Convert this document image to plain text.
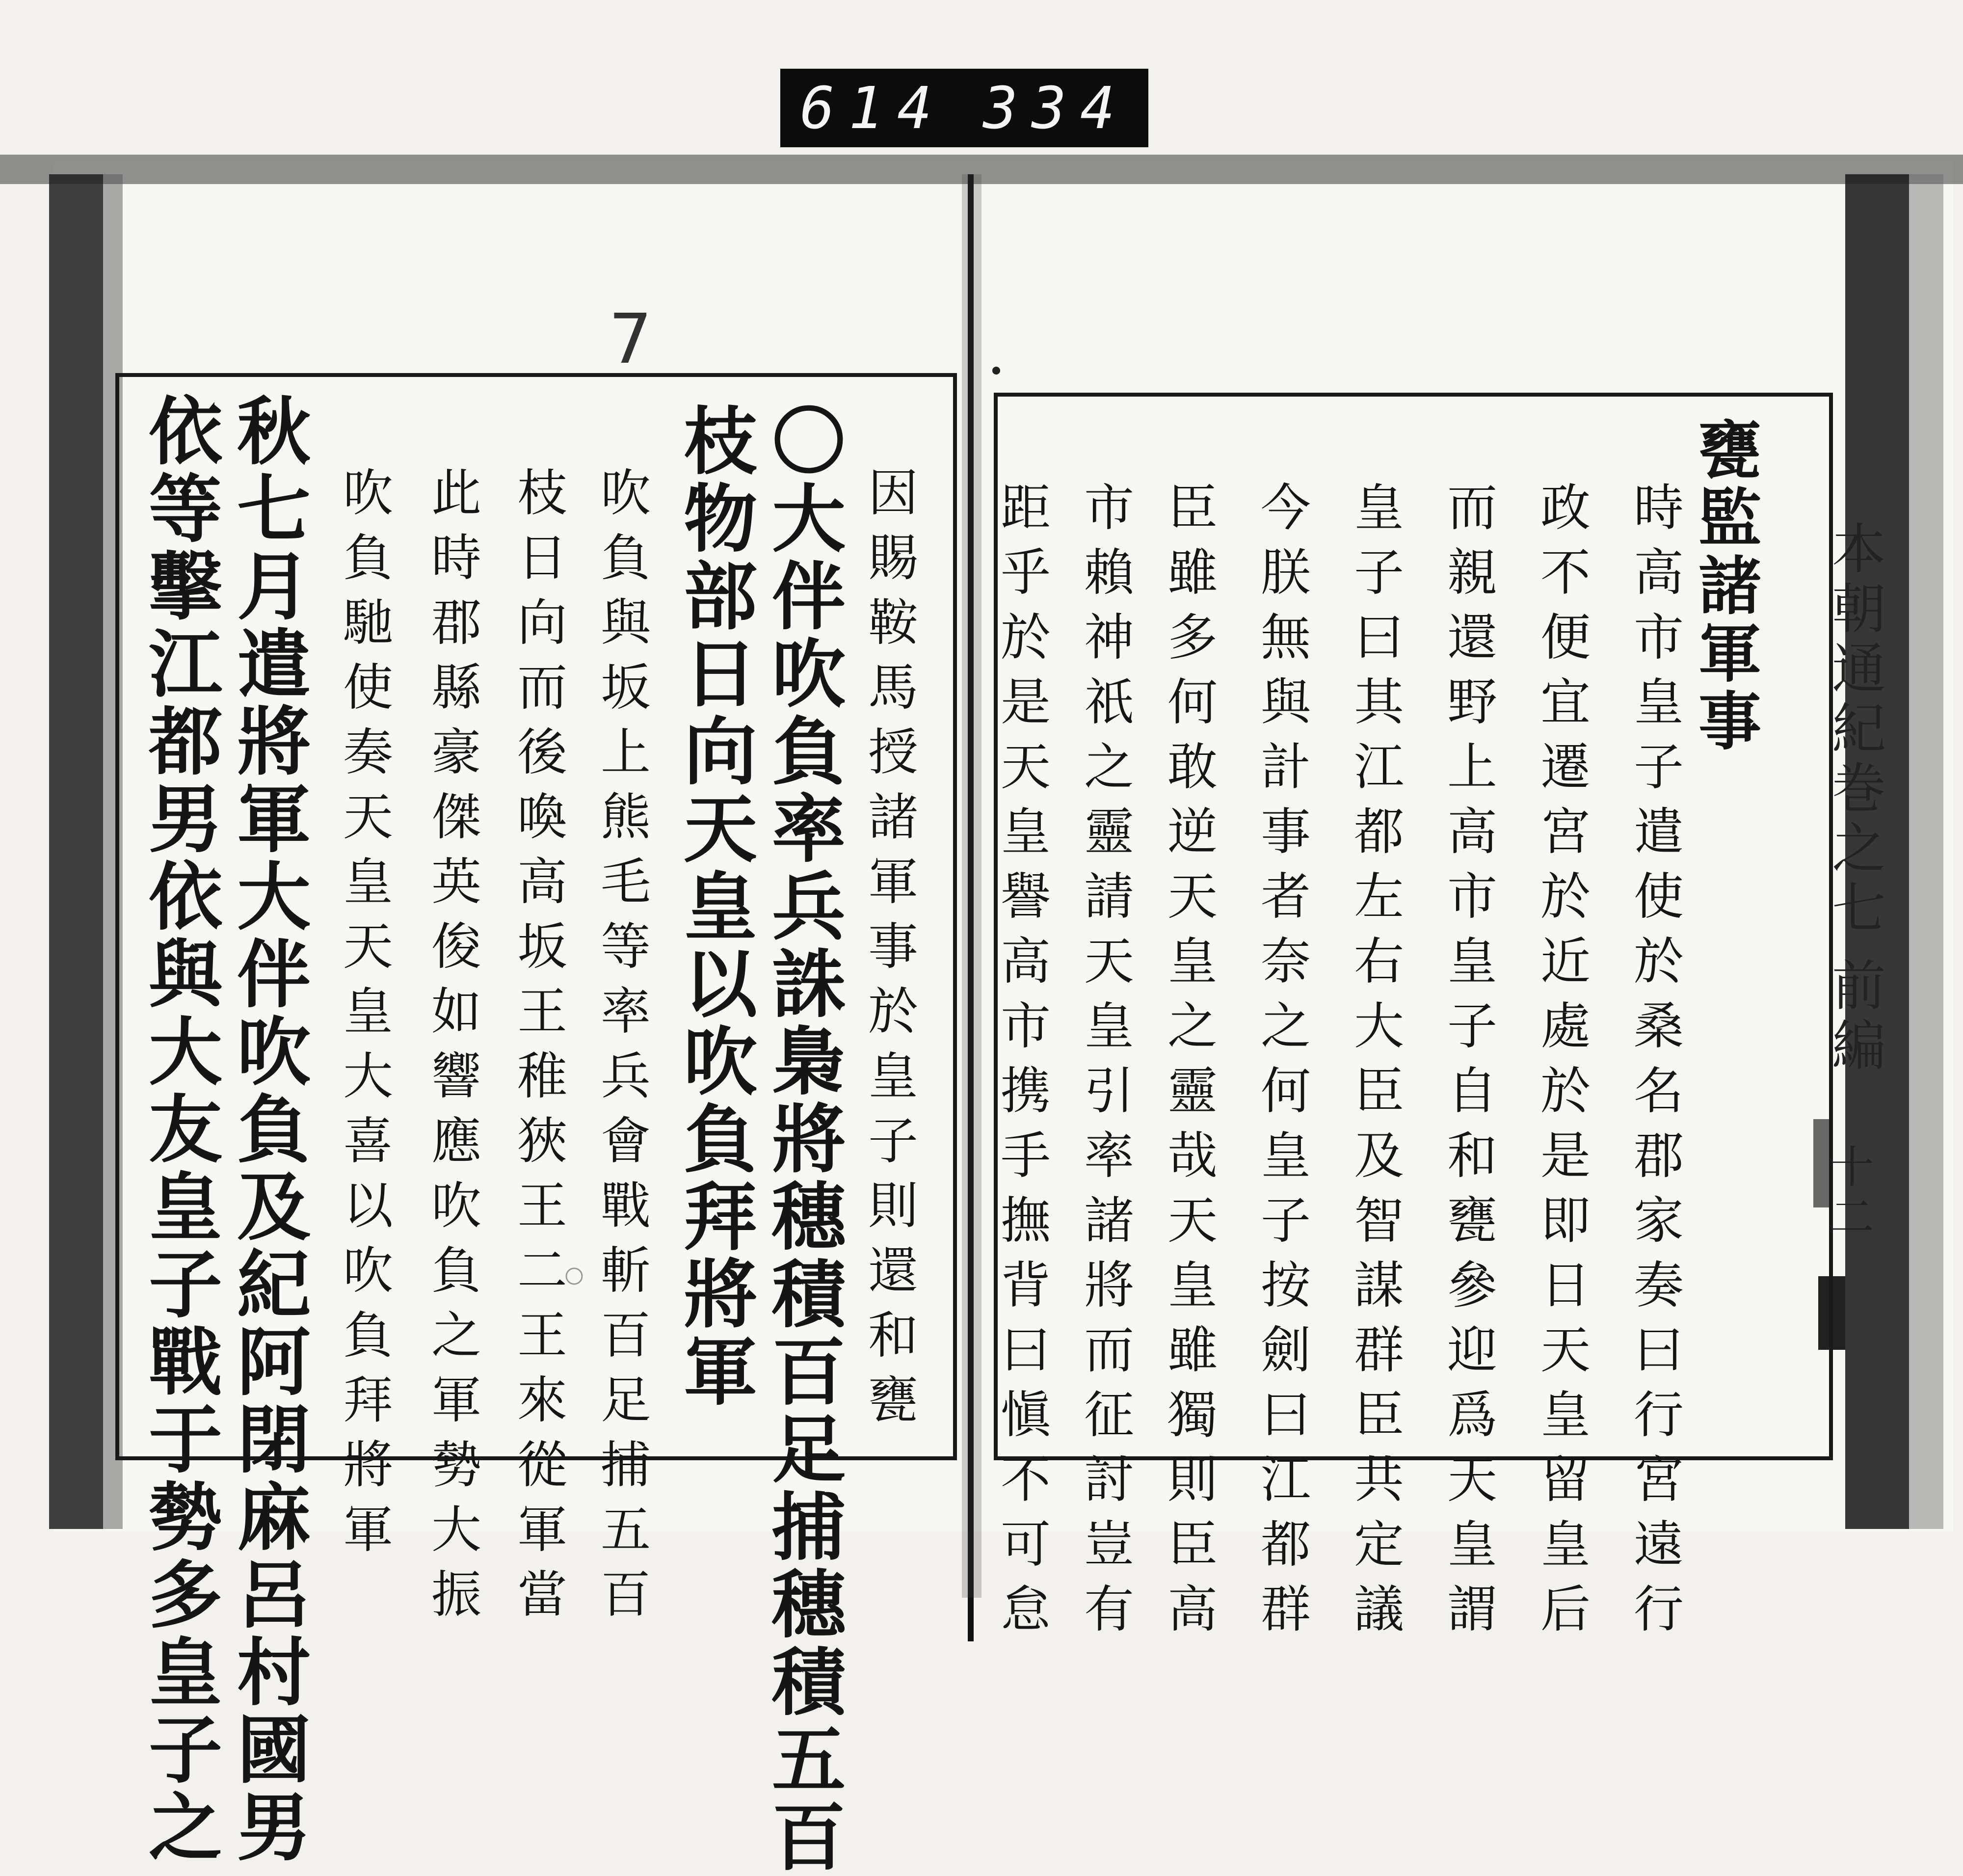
614 334
7
本朝通紀巻之七
前編
十二
甕監諸軍事
時高市皇子遣使於桑名郡家奏曰行宮遠行
政不便宜遷宮於近處於是即日天皇留皇后
而親還野上高市皇子自和甕參迎爲天皇謂
皇子曰其江都左右大臣及智謀群臣共定議
今朕無與計事者奈之何皇子按劍曰江都群
臣雖多何敢逆天皇之靈哉天皇雖獨則臣高
市賴神祇之靈請天皇引率諸將而征討豈有
因賜鞍馬授諸軍事於皇子則還和甕
〇大伴吹負率兵誅梟將穗積百足捕穗積五百
枝物部日向天皇以吹負拜將軍
吹負與坂上熊毛等率兵會戰斬百足捕五百
枝日向而後喚高坂王稚狹王二王來從軍當
此時郡縣豪傑英俊如響應吹負之軍勢大振
吹負馳使奏天皇天皇大喜以吹負拜將軍
秋七月遣將軍大伴吹負及紀阿閉麻呂村國男
依等擊江都男依與大友皇子戰于勢多皇子之	距乎於是天皇譽高市携手撫背曰愼不可怠
